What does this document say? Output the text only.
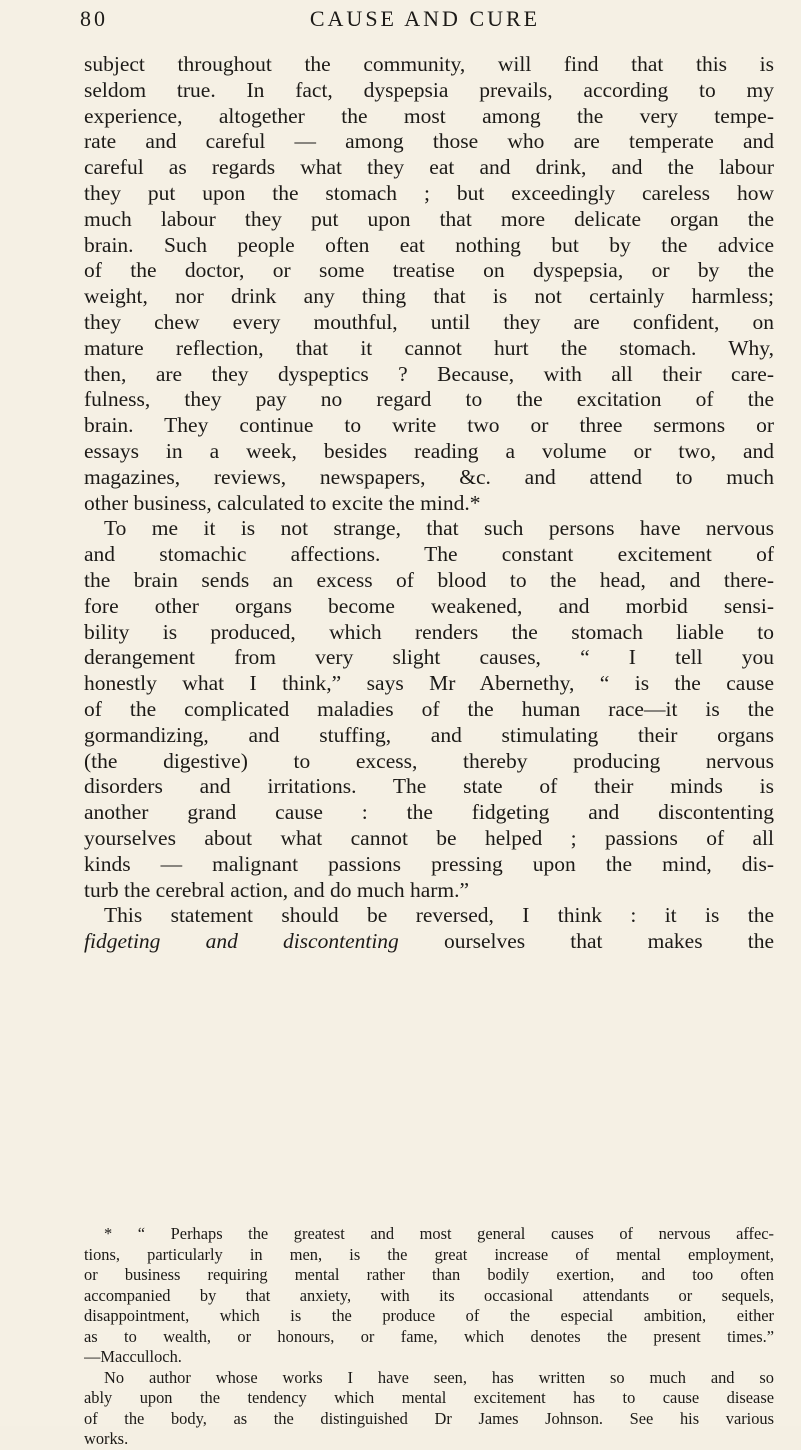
80	CAUSE AND CURE
subject throughout the community, will find that this is
seldom true. In fact, dyspepsia prevails, according to my
experience, altogether the most among the very tempe-
rate and careful — among those who are temperate and
careful as regards what they eat and drink, and the labour
they put upon the stomach ; but exceedingly careless how
much labour they put upon that more delicate organ the
brain. Such people often eat nothing but by the advice
of the doctor, or some treatise on dyspepsia, or by the
weight, nor drink any thing that is not certainly harmless;
they chew every mouthful, until they are confident, on
mature reflection, that it cannot hurt the stomach. Why,
then, are they dyspeptics ? Because, with all their care-
fulness, they pay no regard to the excitation of the
brain. They continue to write two or three sermons or
essays in a week, besides reading a volume or two, and
magazines, reviews, newspapers, &c. and attend to much
other business, calculated to excite the mind.*
To me it is not strange, that such persons have nervous
and stomachic affections. The constant excitement of
the brain sends an excess of blood to the head, and there-
fore other organs become weakened, and morbid sensi-
bility is produced, which renders the stomach liable to
derangement from very slight causes, “ I tell you
honestly what I think,” says Mr Abernethy, “ is the cause
of the complicated maladies of the human race—it is the
gormandizing, and stuffing, and stimulating their organs
(the digestive) to excess, thereby producing nervous
disorders and irritations. The state of their minds is
another grand cause : the fidgeting and discontenting
yourselves about what cannot be helped ; passions of all
kinds — malignant passions pressing upon the mind, dis-
turb the cerebral action, and do much harm.”
This statement should be reversed, I think : it is the
fidgeting and discontenting ourselves that makes the
* “ Perhaps the greatest and most general causes of nervous affec-
tions, particularly in men, is the great increase of mental employment,
or business requiring mental rather than bodily exertion, and too often
accompanied by that anxiety, with its occasional attendants or sequels,
disappointment, which is the produce of the especial ambition, either
as to wealth, or honours, or fame, which denotes the present times.”
—Macculloch.
No author whose works I have seen, has written so much and so
ably upon the tendency which mental excitement has to cause disease
of the body, as the distinguished Dr James Johnson. See his various
works.
